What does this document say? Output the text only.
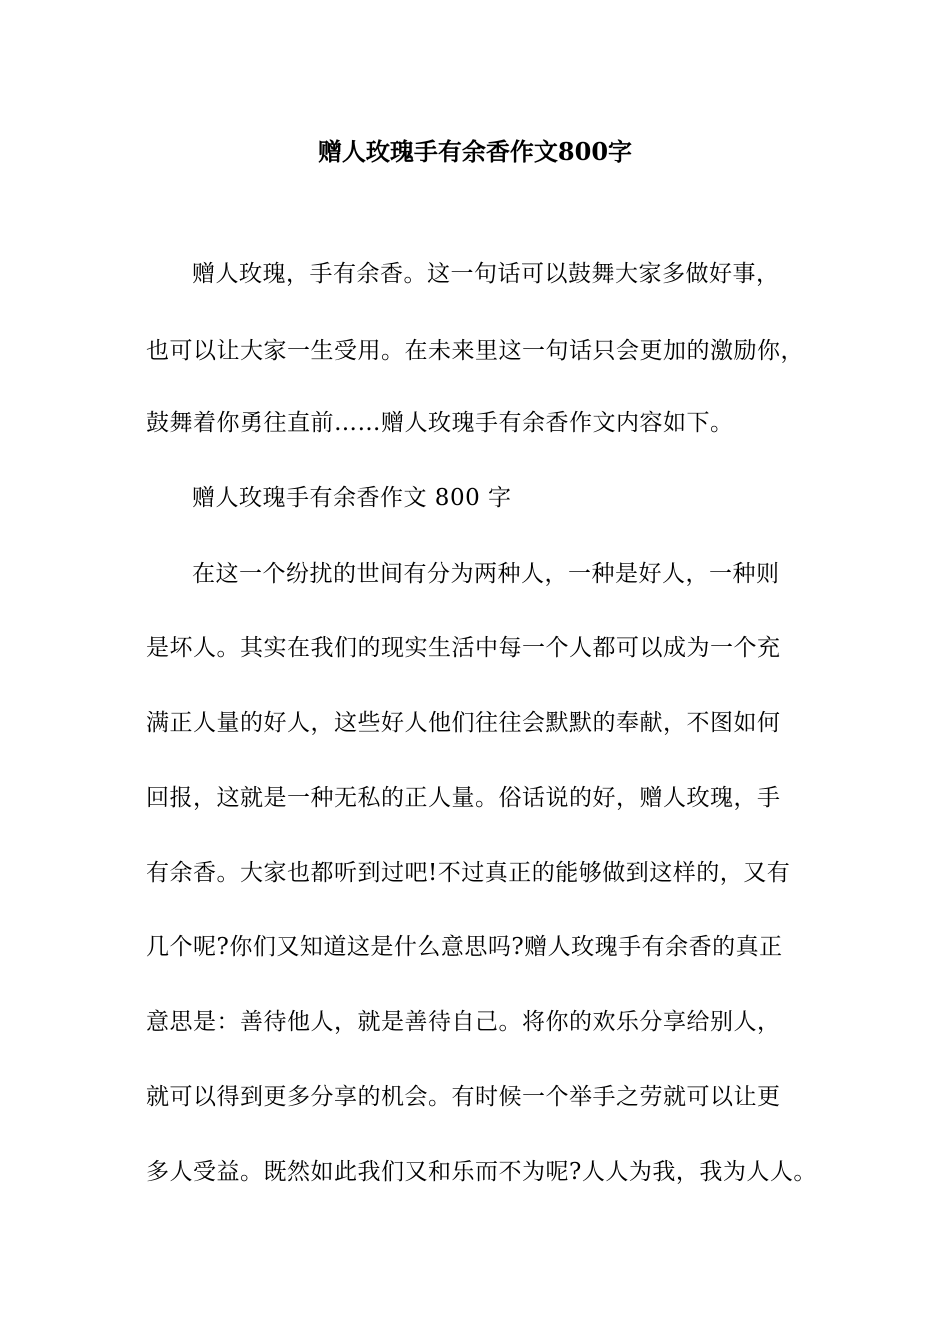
赠人玫瑰手有余香作文800字
赠人玫瑰，手有余香。这一句话可以鼓舞大家多做好事，
也可以让大家一生受用。在未来里这一句话只会更加的激励你，
鼓舞着你勇往直前……赠人玫瑰手有余香作文内容如下。
赠人玫瑰手有余香作文 800 字
在这一个纷扰的世间有分为两种人，一种是好人，一种则
是坏人。其实在我们的现实生活中每一个人都可以成为一个充
满正人量的好人，这些好人他们往往会默默的奉献，不图如何
回报，这就是一种无私的正人量。俗话说的好，赠人玫瑰，手
有余香。大家也都听到过吧!不过真正的能够做到这样的，又有
几个呢?你们又知道这是什么意思吗?赠人玫瑰手有余香的真正
意思是：善待他人，就是善待自己。将你的欢乐分享给别人，
就可以得到更多分享的机会。有时候一个举手之劳就可以让更
多人受益。既然如此我们又和乐而不为呢?人人为我，我为人人。
